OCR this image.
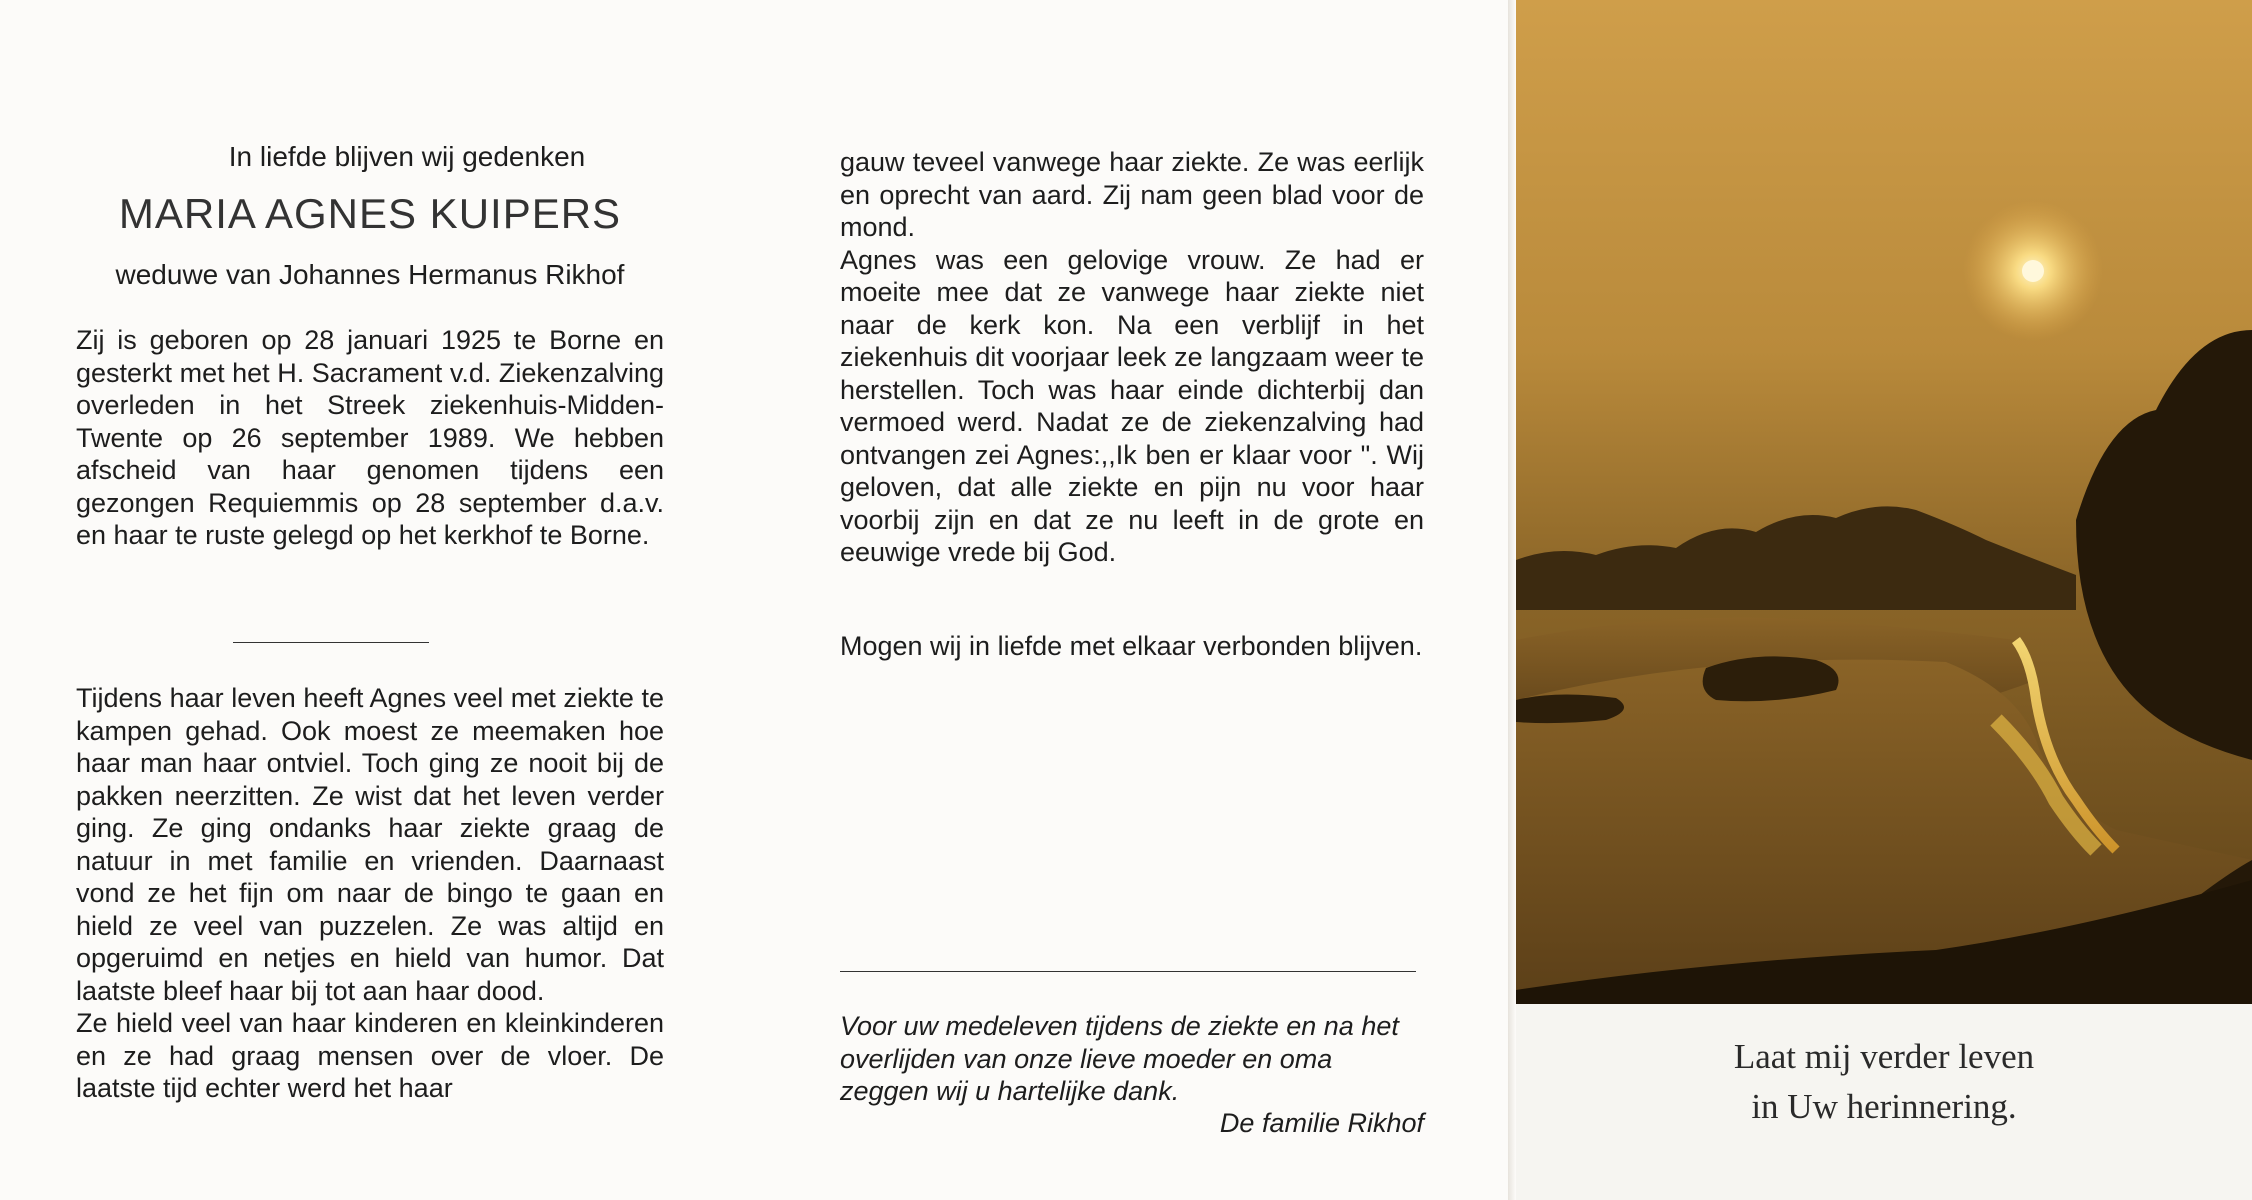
In liefde blijven wij gedenken

MARIA AGNES KUIPERS

weduwe van Johannes Hermanus Rikhof

Zij is geboren op 28 januari 1925 te Borne en gesterkt met het H. Sacrament v.d. Ziekenzalving overleden in het Streek ziekenhuis-Midden-Twente op 26 september 1989. We hebben afscheid van haar genomen tijdens een gezongen Requiemmis op 28 september d.a.v. en haar te ruste gelegd op het kerkhof te Borne.

Tijdens haar leven heeft Agnes veel met ziekte te kampen gehad. Ook moest ze meemaken hoe haar man haar ontviel. Toch ging ze nooit bij de pakken neerzitten. Ze wist dat het leven verder ging. Ze ging ondanks haar ziekte graag de natuur in met familie en vrienden. Daarnaast vond ze het fijn om naar de bingo te gaan en hield ze veel van puzzelen. Ze was altijd en opgeruimd en netjes en hield van humor. Dat laatste bleef haar bij tot aan haar dood.
Ze hield veel van haar kinderen en kleinkinderen en ze had graag mensen over de vloer. De laatste tijd echter werd het haar

gauw teveel vanwege haar ziekte. Ze was eerlijk en oprecht van aard. Zij nam geen blad voor de mond.
Agnes was een gelovige vrouw. Ze had er moeite mee dat ze vanwege haar ziekte niet naar de kerk kon. Na een verblijf in het ziekenhuis dit voorjaar leek ze langzaam weer te herstellen. Toch was haar einde dichterbij dan vermoed werd. Nadat ze de ziekenzalving had ontvangen zei Agnes:,,Ik ben er klaar voor ". Wij geloven, dat alle ziekte en pijn nu voor haar voorbij zijn en dat ze nu leeft in de grote en eeuwige vrede bij God.

Mogen wij in liefde met elkaar verbonden blijven.

Voor uw medeleven tijdens de ziekte en na het overlijden van onze lieve moeder en oma zeggen wij u hartelijke dank.

De familie Rikhof

Laat mij verder leven
in Uw herinnering.
